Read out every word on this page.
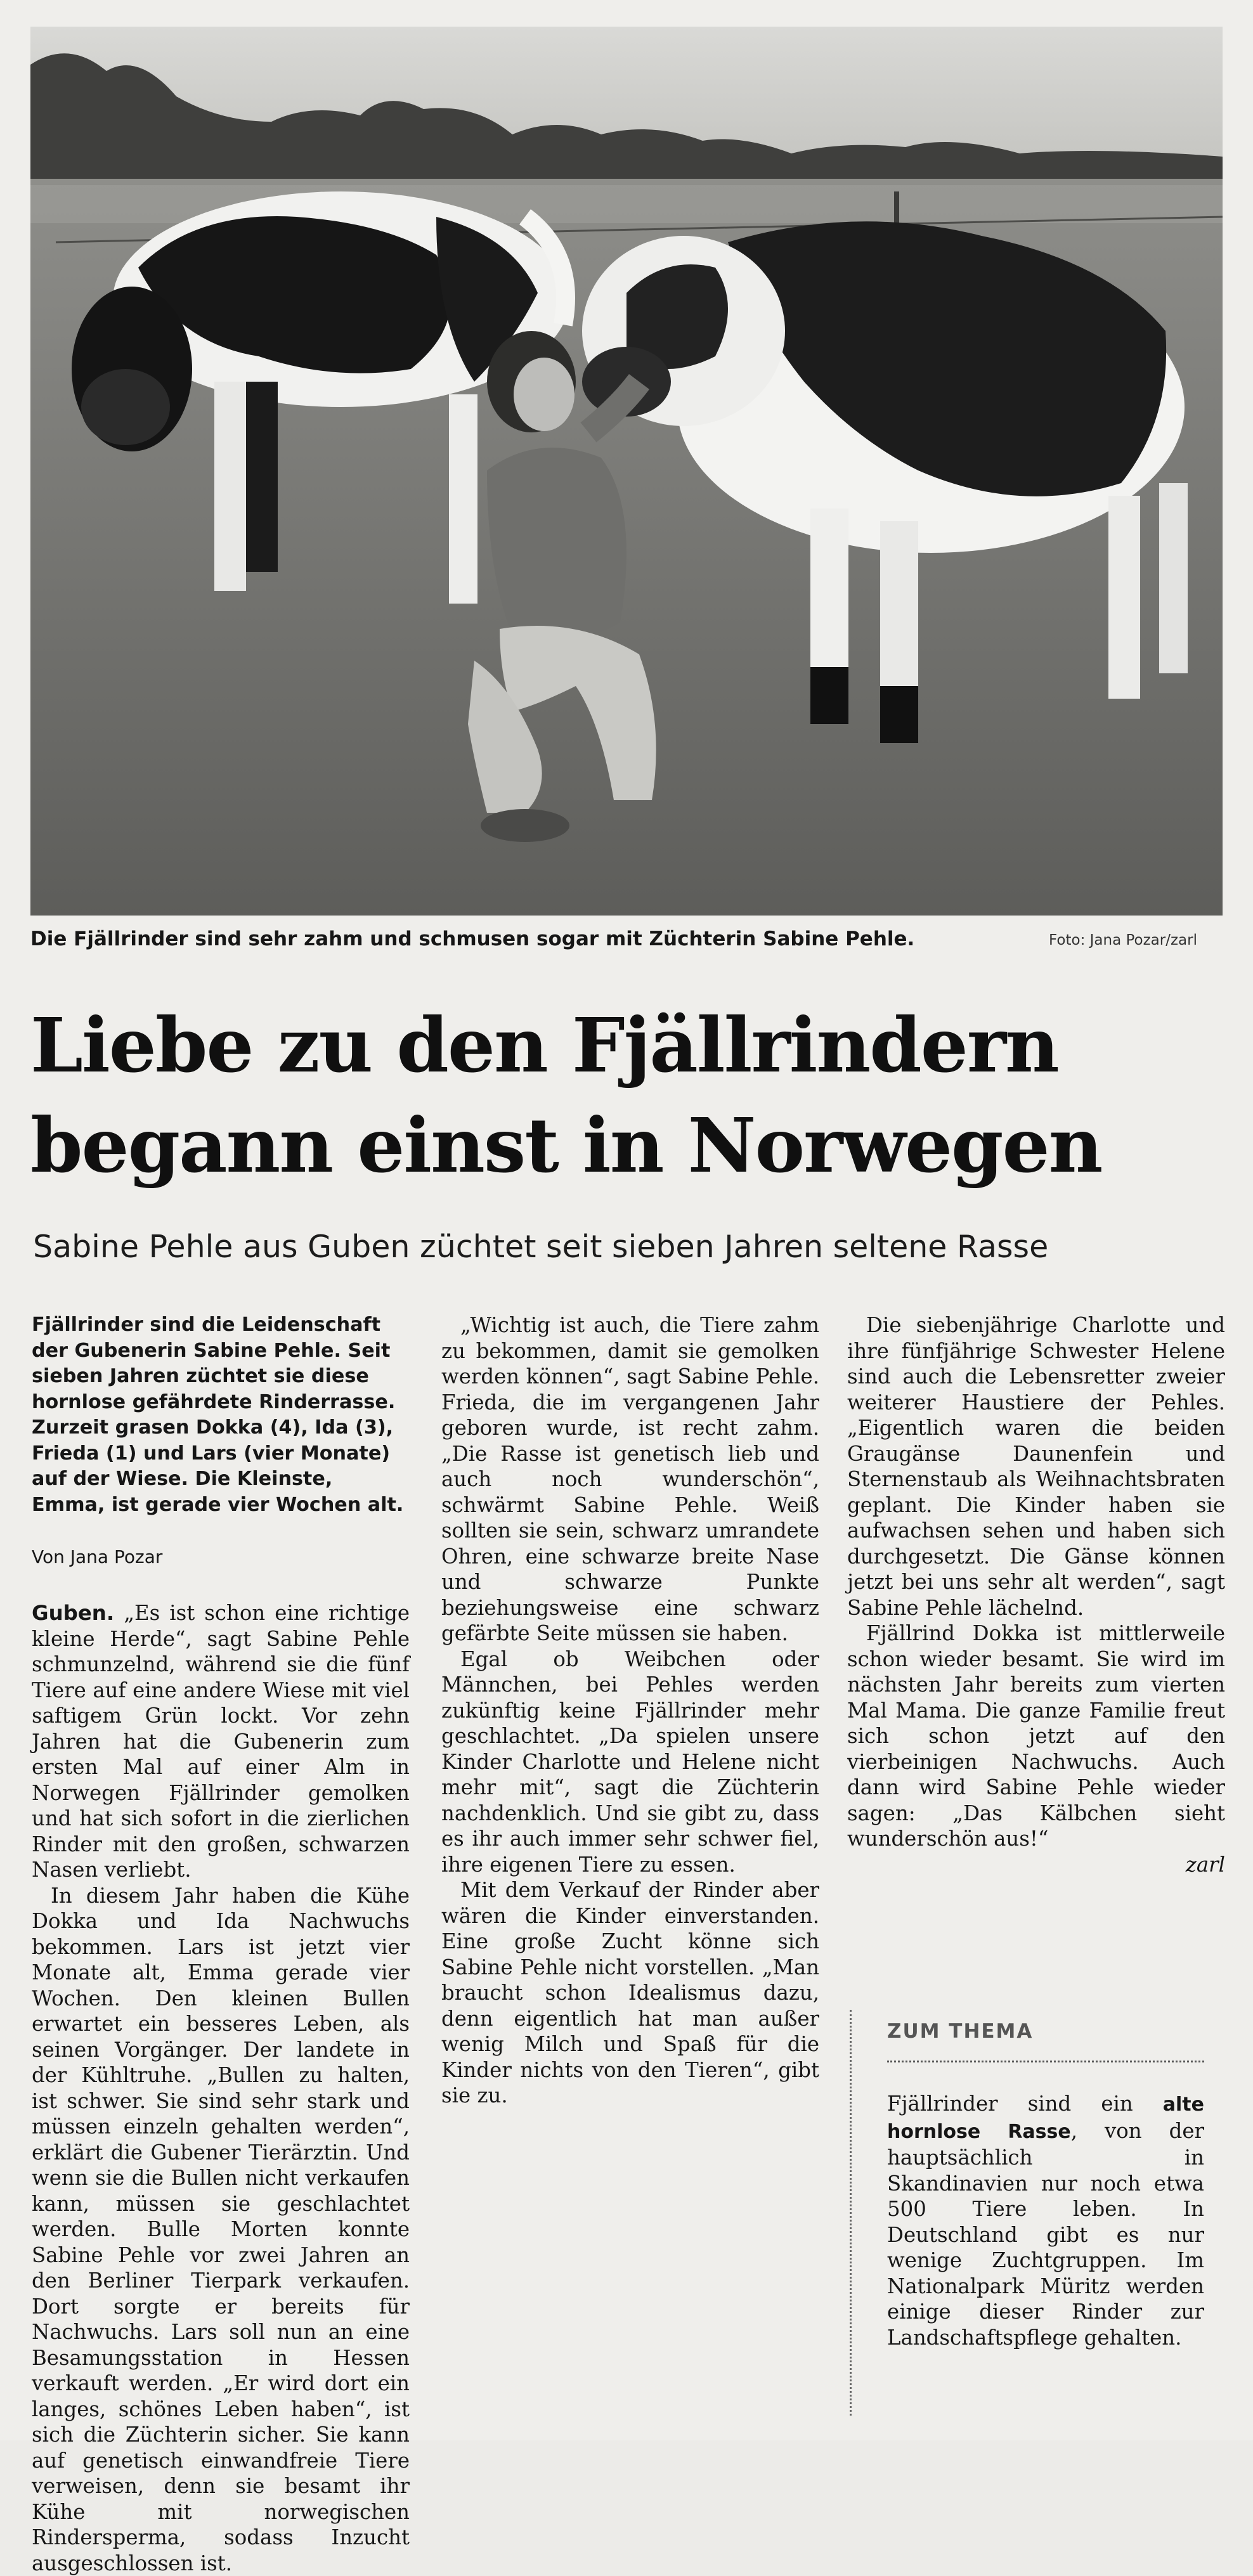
Die Fjällrinder sind sehr zahm und schmusen sogar mit Züchterin Sabine Pehle.	Foto: Jana Pozar/zarl
Liebe zu den Fjällrindern
begann einst in Norwegen
Sabine Pehle aus Guben züchtet seit sieben Jahren seltene Rasse

Fjällrinder sind die Leidenschaft der Gubenerin Sabine Pehle. Seit sieben Jahren züchtet sie diese hornlose gefährdete Rinderrasse. Zurzeit grasen Dokka (4), Ida (3), Frieda (1) und Lars (vier Monate) auf der Wiese. Die Kleinste, Emma, ist gerade vier Wochen alt.

Von Jana Pozar

Guben. „Es ist schon eine richtige kleine Herde“, sagt Sabine Pehle schmunzelnd, während sie die fünf Tiere auf eine andere Wiese mit viel saftigem Grün lockt. Vor zehn Jahren hat die Gubenerin zum ersten Mal auf einer Alm in Norwegen Fjällrinder gemolken und hat sich sofort in die zierlichen Rinder mit den großen, schwarzen Nasen verliebt.

In diesem Jahr haben die Kühe Dokka und Ida Nachwuchs bekommen. Lars ist jetzt vier Monate alt, Emma gerade vier Wochen. Den kleinen Bullen erwartet ein besseres Leben, als seinen Vorgänger. Der landete in der Kühltruhe. „Bullen zu halten, ist schwer. Sie sind sehr stark und müssen einzeln gehalten werden“, erklärt die Gubener Tierärztin. Und wenn sie die Bullen nicht verkaufen kann, müssen sie geschlachtet werden. Bulle Morten konnte Sabine Pehle vor zwei Jahren an den Berliner Tierpark verkaufen. Dort sorgte er bereits für Nachwuchs. Lars soll nun an eine Besamungsstation in Hessen verkauft werden. „Er wird dort ein langes, schönes Leben haben“, ist sich die Züchterin sicher. Sie kann auf genetisch einwandfreie Tiere verweisen, denn sie besamt ihr Kühe mit norwegischen Rindersperma, sodass Inzucht ausgeschlossen ist.

„Wichtig ist auch, die Tiere zahm zu bekommen, damit sie gemolken werden können“, sagt Sabine Pehle. Frieda, die im vergangenen Jahr geboren wurde, ist recht zahm. „Die Rasse ist genetisch lieb und auch noch wunderschön“, schwärmt Sabine Pehle. Weiß sollten sie sein, schwarz umrandete Ohren, eine schwarze breite Nase und schwarze Punkte beziehungsweise eine schwarz gefärbte Seite müssen sie haben.

Egal ob Weibchen oder Männchen, bei Pehles werden zukünftig keine Fjällrinder mehr geschlachtet. „Da spielen unsere Kinder Charlotte und Helene nicht mehr mit“, sagt die Züchterin nachdenklich. Und sie gibt zu, dass es ihr auch immer sehr schwer fiel, ihre eigenen Tiere zu essen.

Mit dem Verkauf der Rinder aber wären die Kinder einverstanden. Eine große Zucht könne sich Sabine Pehle nicht vorstellen. „Man braucht schon Idealismus dazu, denn eigentlich hat man außer wenig Milch und Spaß für die Kinder nichts von den Tieren“, gibt sie zu.

Die siebenjährige Charlotte und ihre fünfjährige Schwester Helene sind auch die Lebensretter zweier weiterer Haustiere der Pehles. „Eigentlich waren die beiden Graugänse Daunenfein und Sternenstaub als Weihnachtsbraten geplant. Die Kinder haben sie aufwachsen sehen und haben sich durchgesetzt. Die Gänse können jetzt bei uns sehr alt werden“, sagt Sabine Pehle lächelnd.

Fjällrind Dokka ist mittlerweile schon wieder besamt. Sie wird im nächsten Jahr bereits zum vierten Mal Mama. Die ganze Familie freut sich schon jetzt auf den vierbeinigen Nachwuchs. Auch dann wird Sabine Pehle wieder sagen: „Das Kälbchen sieht wunderschön aus!“

zarl
ZUM THEMA
Fjällrinder sind ein alte hornlose Rasse, von der hauptsächlich in Skandinavien nur noch etwa 500 Tiere leben. In Deutschland gibt es nur wenige Zuchtgruppen. Im Nationalpark Müritz werden einige dieser Rinder zur Landschaftspflege gehalten.
